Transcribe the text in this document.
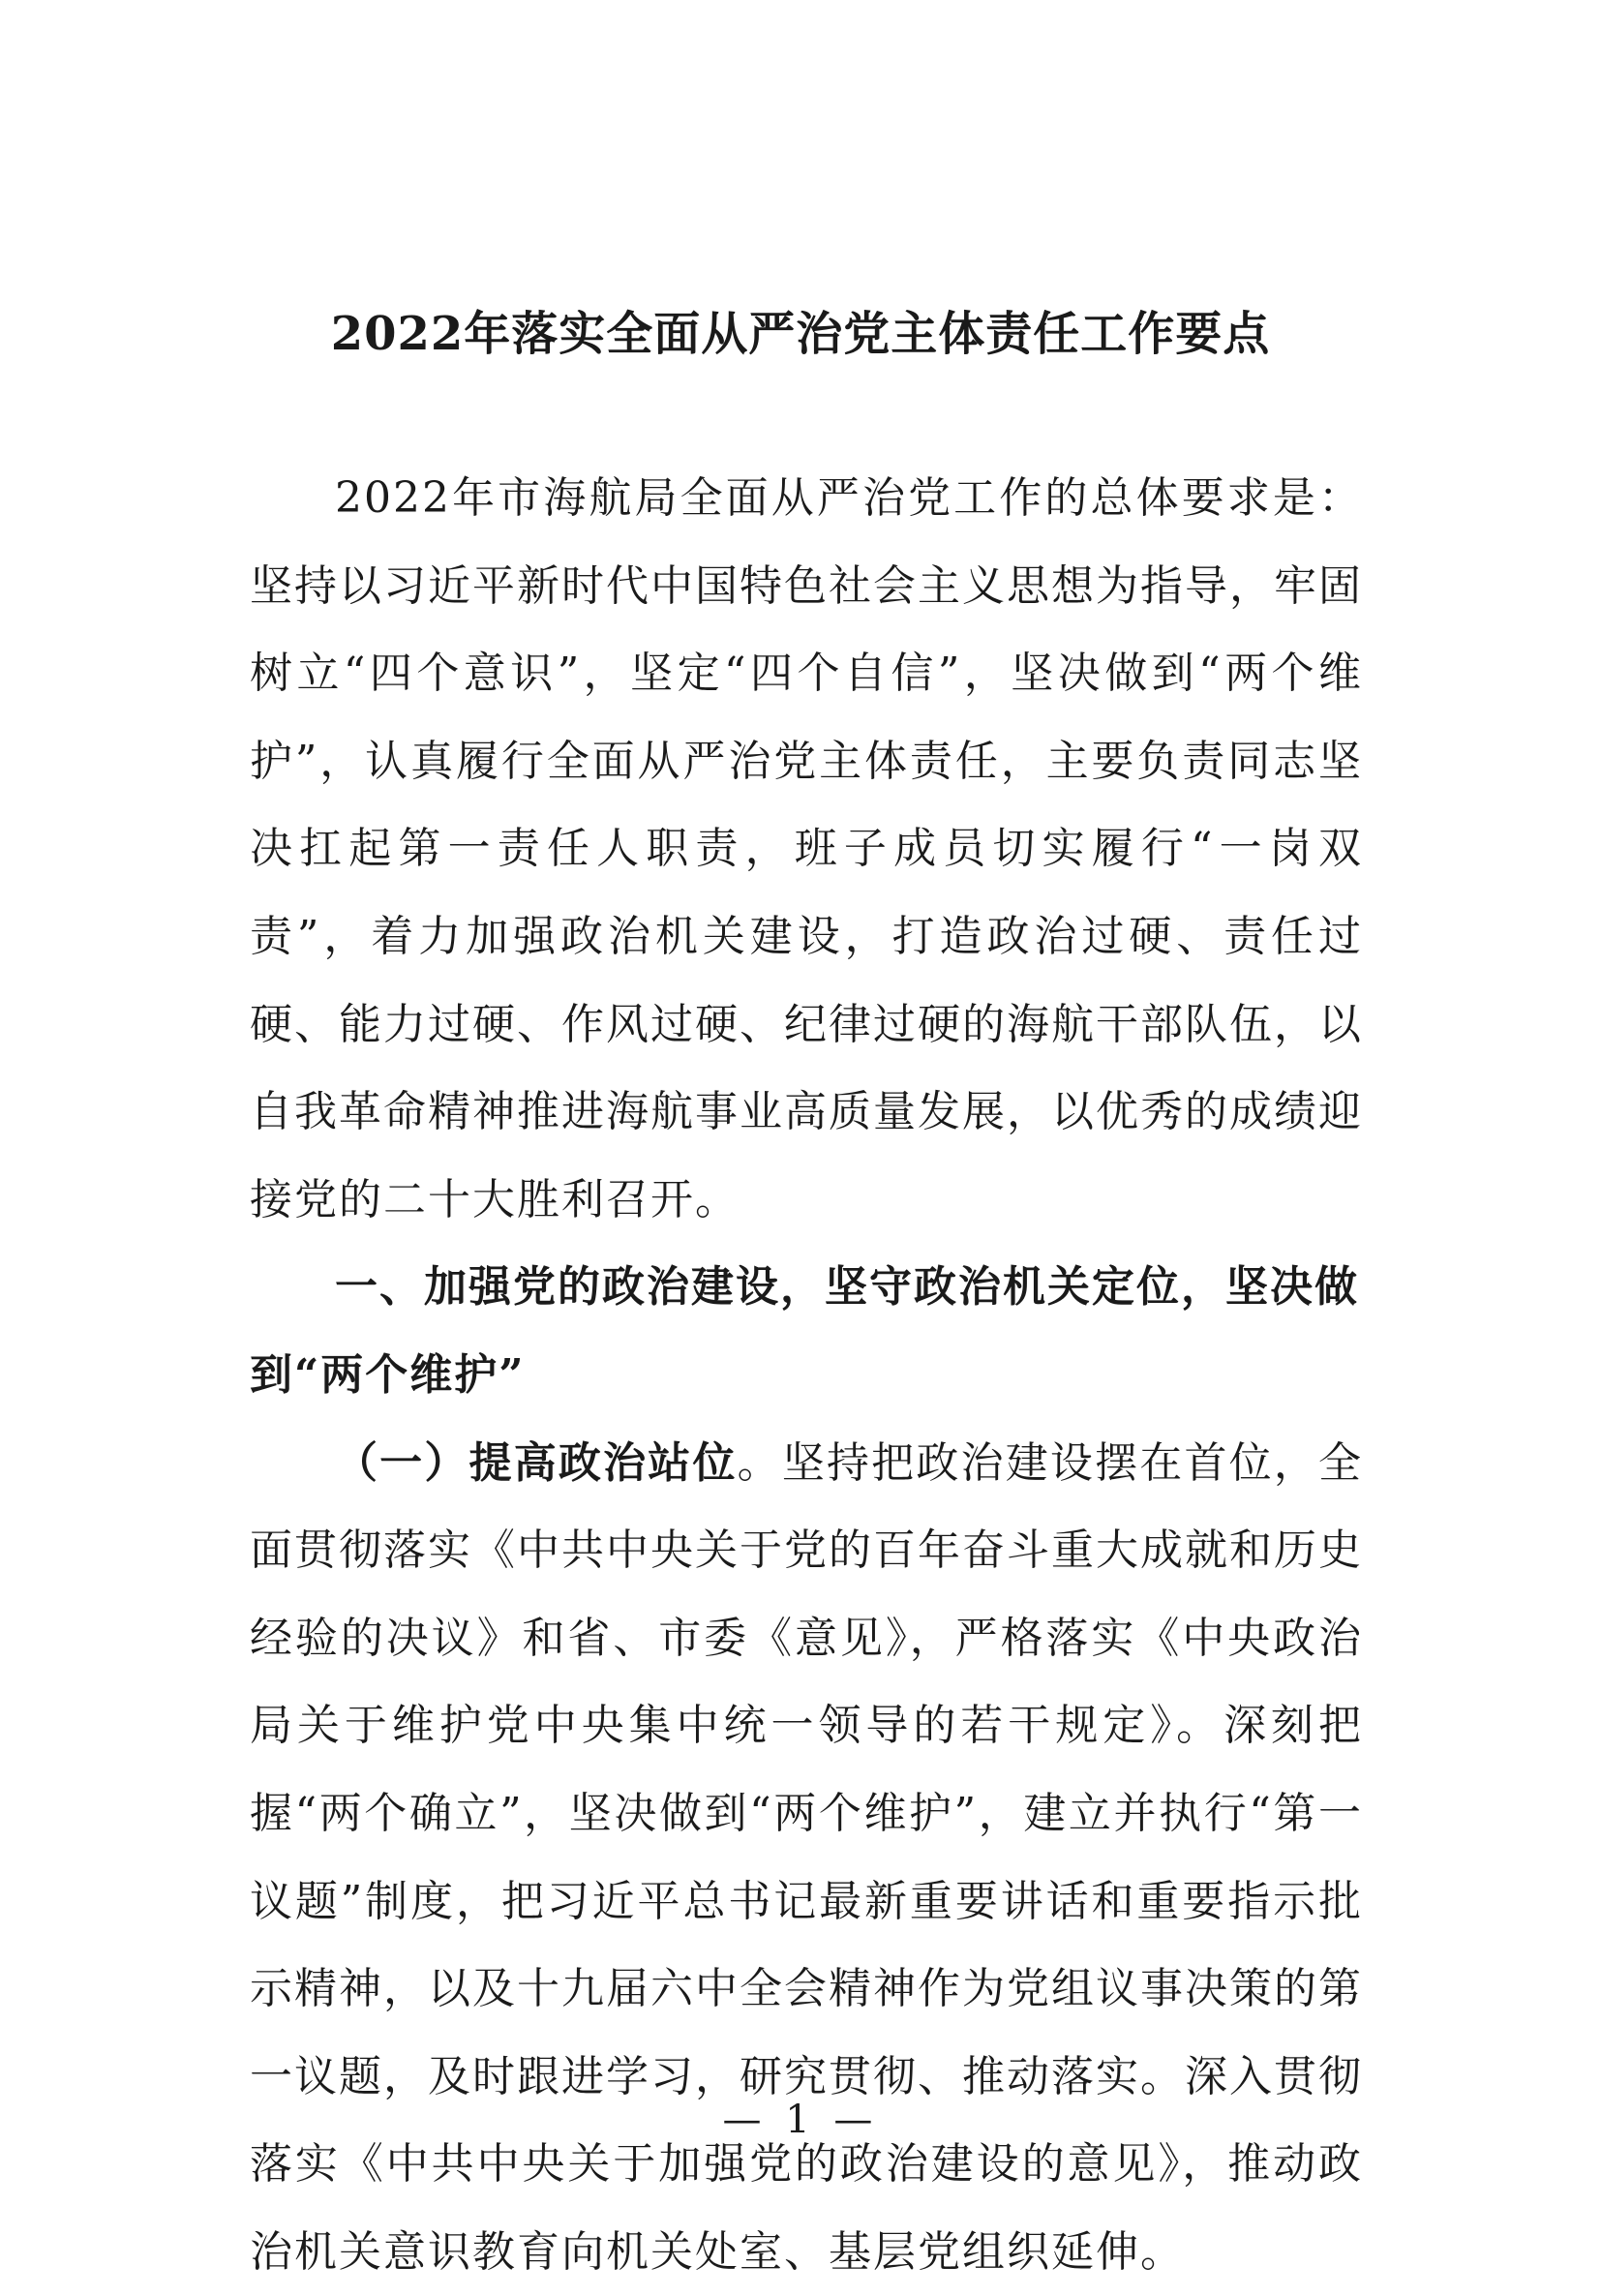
2022年落实全面从严治党主体责任工作要点

2022年市海航局全面从严治党工作的总体要求是：坚持以习近平新时代中国特色社会主义思想为指导，牢固树立“四个意识”，坚定“四个自信”，坚决做到“两个维护”，认真履行全面从严治党主体责任，主要负责同志坚决扛起第一责任人职责，班子成员切实履行“一岗双责”，着力加强政治机关建设，打造政治过硬、责任过硬、能力过硬、作风过硬、纪律过硬的海航干部队伍，以自我革命精神推进海航事业高质量发展，以优秀的成绩迎接党的二十大胜利召开。

一、加强党的政治建设，坚守政治机关定位，坚决做到“两个维护”

（一）提高政治站位。坚持把政治建设摆在首位，全面贯彻落实《中共中央关于党的百年奋斗重大成就和历史经验的决议》和省、市委《意见》，严格落实《中央政治局关于维护党中央集中统一领导的若干规定》。深刻把握“两个确立”，坚决做到“两个维护”，建立并执行“第一议题”制度，把习近平总书记最新重要讲话和重要指示批示精神，以及十九届六中全会精神作为党组议事决策的第一议题，及时跟进学习，研究贯彻、推动落实。深入贯彻落实《中共中央关于加强党的政治建设的意见》，推动政治机关意识教育向机关处室、基层党组织延伸。

— 1 —
